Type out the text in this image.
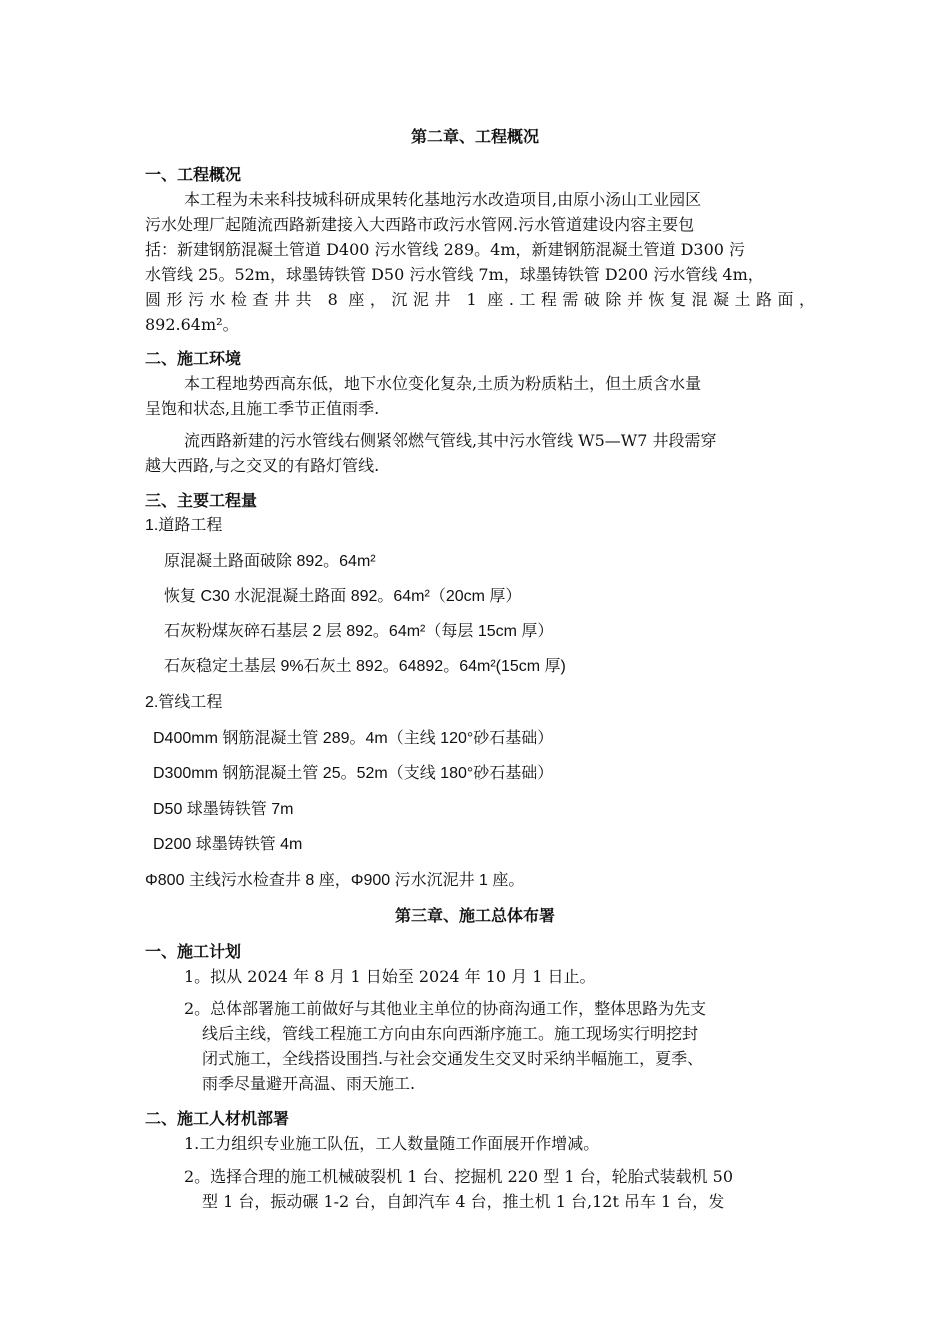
第二章、工程概况
一、工程概况
本工程为未来科技城科研成果转化基地污水改造项目,由原小汤山工业园区
污水处理厂起随流西路新建接入大西路市政污水管网.污水管道建设内容主要包
括：新建钢筋混凝土管道 D400 污水管线 289。4m，新建钢筋混凝土管道 D300 污
水管线 25。52m，球墨铸铁管 D50 污水管线 7m，球墨铸铁管 D200 污水管线 4m，
圆形污水检查井共 8 座，沉泥井 1 座.工程需破除并恢复混凝土路面，
892.64m²。
二、施工环境
本工程地势西高东低，地下水位变化复杂,土质为粉质粘土，但土质含水量
呈饱和状态,且施工季节正值雨季.
流西路新建的污水管线右侧紧邻燃气管线,其中污水管线 W5—W7 井段需穿
越大西路,与之交叉的有路灯管线.
三、主要工程量
1.道路工程
原混凝土路面破除 892。64m²
恢复 C30 水泥混凝土路面 892。64m²（20cm 厚）
石灰粉煤灰碎石基层 2 层 892。64m²（每层 15cm 厚）
石灰稳定土基层 9%石灰土 892。64892。64m²(15cm 厚)
2.管线工程
D400mm 钢筋混凝土管 289。4m（主线 120°砂石基础）
D300mm 钢筋混凝土管 25。52m（支线 180°砂石基础）
D50 球墨铸铁管 7m
D200 球墨铸铁管 4m
Φ800 主线污水检查井 8 座，Φ900 污水沉泥井 1 座。
第三章、施工总体布署
一、施工计划
1。拟从 2024 年 8 月 1 日始至 2024 年 10 月 1 日止。
2。总体部署施工前做好与其他业主单位的协商沟通工作，整体思路为先支
线后主线，管线工程施工方向由东向西渐序施工。施工现场实行明挖封
闭式施工，全线搭设围挡.与社会交通发生交叉时采纳半幅施工，夏季、
雨季尽量避开高温、雨天施工.
二、施工人材机部署
1.工力组织专业施工队伍，工人数量随工作面展开作增减。
2。选择合理的施工机械破裂机 1 台、挖掘机 220 型 1 台，轮胎式装载机 50
型 1 台，振动碾 1-2 台，自卸汽车 4 台，推土机 1 台,12t 吊车 1 台，发
